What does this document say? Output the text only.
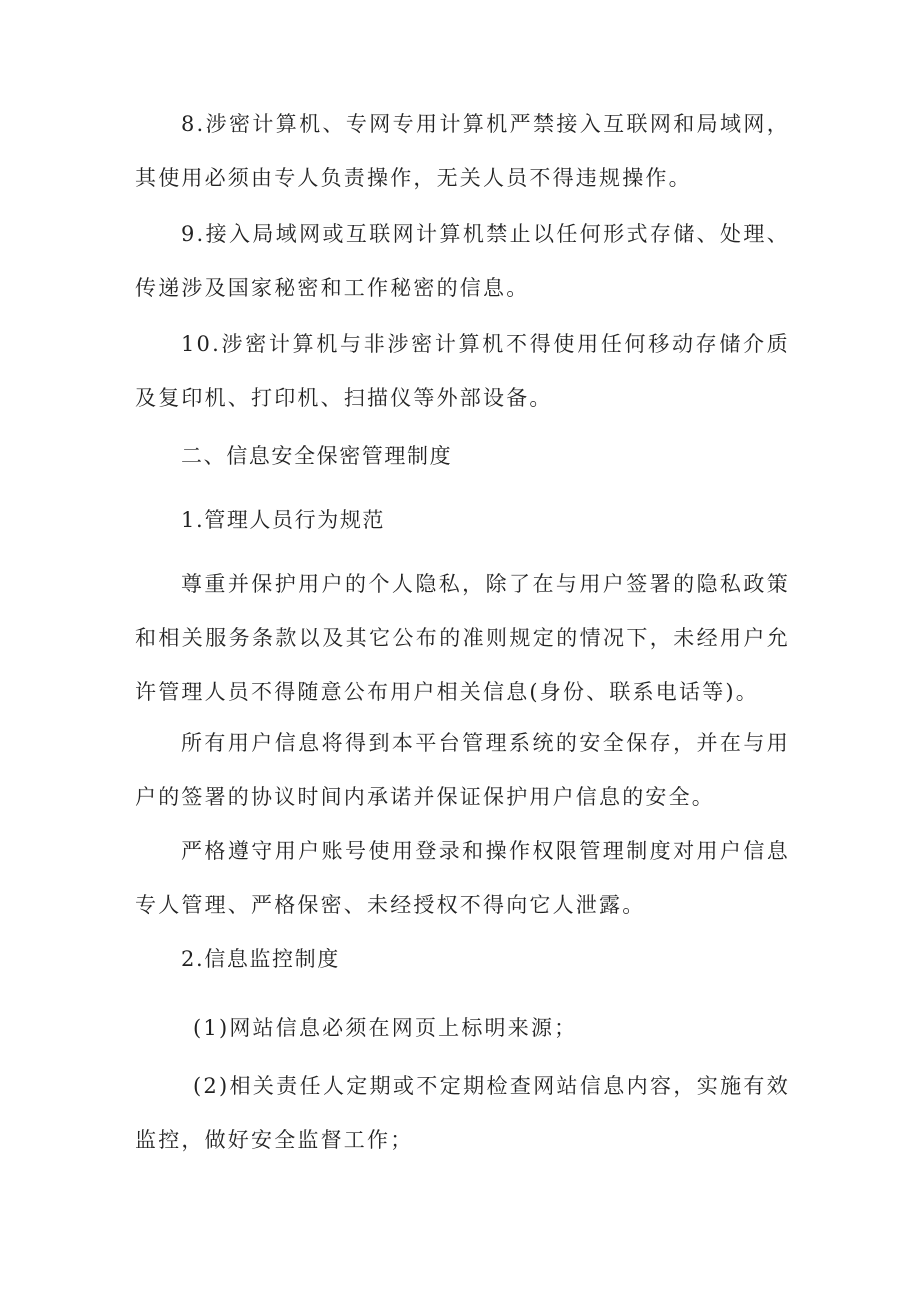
8.涉密计算机、专网专用计算机严禁接入互联网和局域网，其使用必须由专人负责操作，无关人员不得违规操作。

9.接入局域网或互联网计算机禁止以任何形式存储、处理、传递涉及国家秘密和工作秘密的信息。

10.涉密计算机与非涉密计算机不得使用任何移动存储介质及复印机、打印机、扫描仪等外部设备。

二、信息安全保密管理制度

1.管理人员行为规范

尊重并保护用户的个人隐私，除了在与用户签署的隐私政策和相关服务条款以及其它公布的准则规定的情况下，未经用户允许管理人员不得随意公布用户相关信息(身份、联系电话等)。

所有用户信息将得到本平台管理系统的安全保存，并在与用户的签署的协议时间内承诺并保证保护用户信息的安全。

严格遵守用户账号使用登录和操作权限管理制度对用户信息专人管理、严格保密、未经授权不得向它人泄露。

2.信息监控制度

(1)网站信息必须在网页上标明来源；

(2)相关责任人定期或不定期检查网站信息内容，实施有效监控，做好安全监督工作；
